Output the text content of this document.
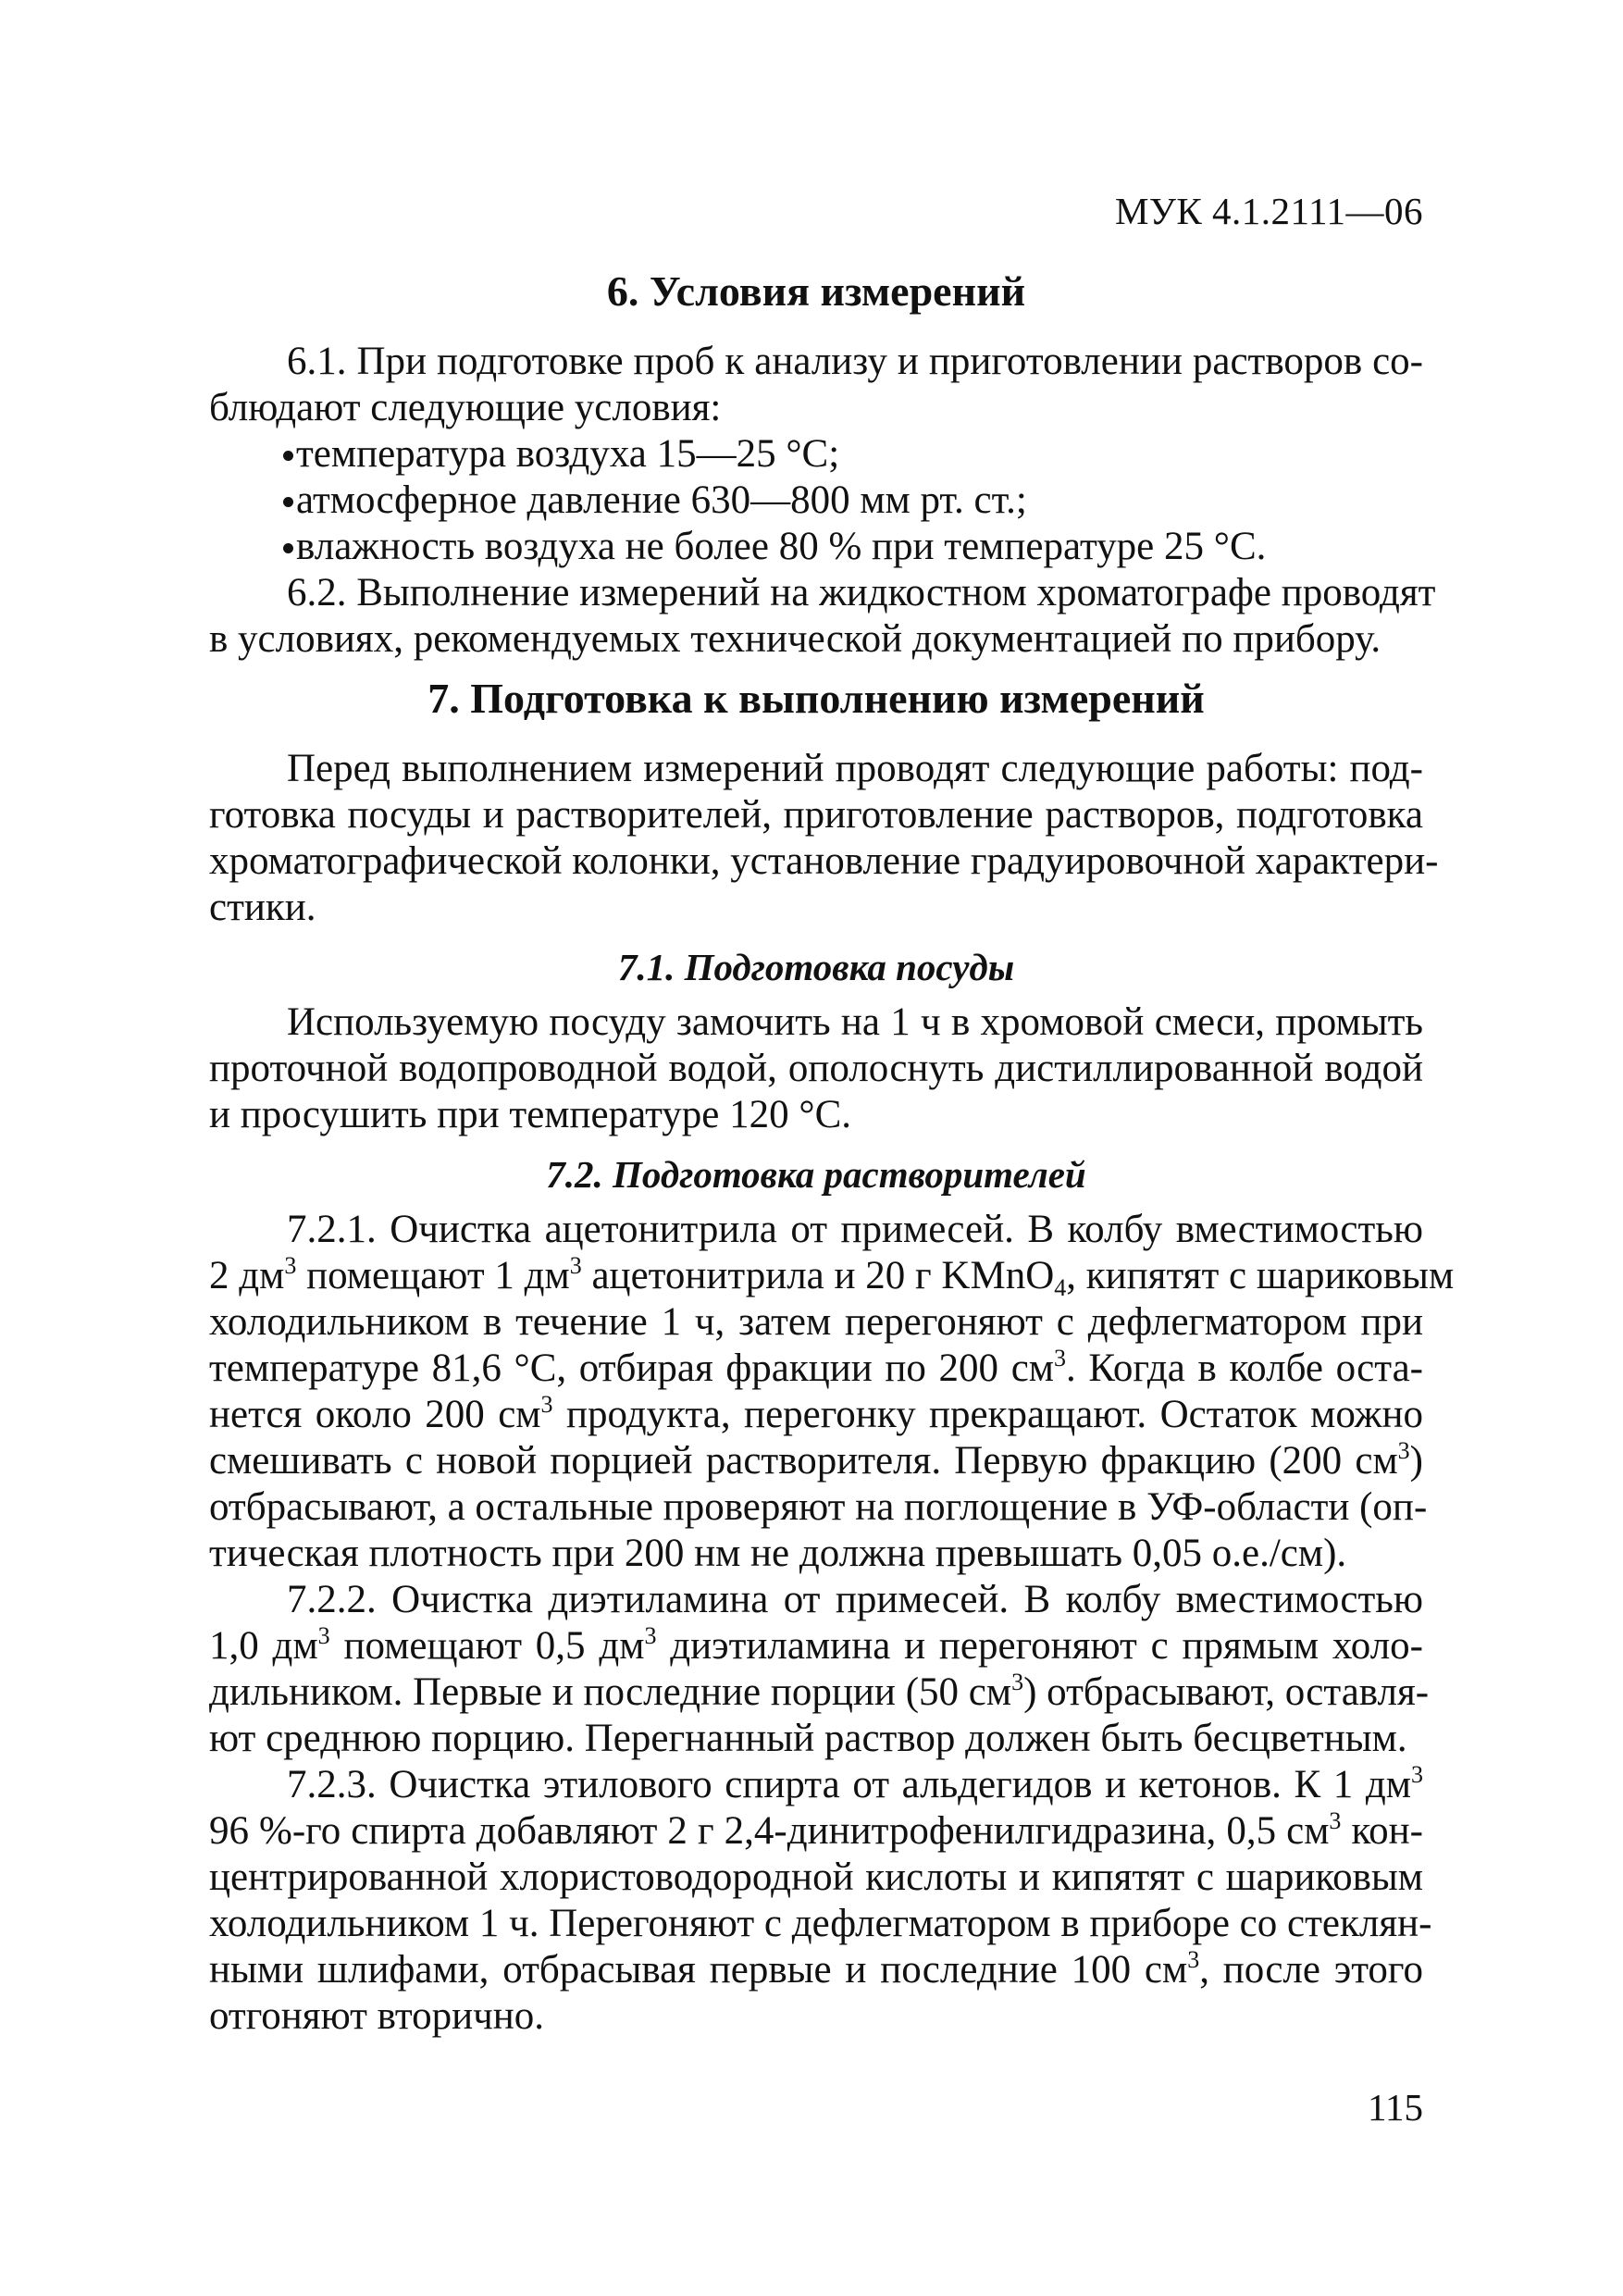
МУК 4.1.2111—06
6. Условия измерений
6.1. При подготовке проб к анализу и приготовлении растворов со-
блюдают следующие условия:
температура воздуха 15—25 °С;
атмосферное давление 630—800 мм рт. ст.;
влажность воздуха не более 80 % при температуре 25 °С.
6.2. Выполнение измерений на жидкостном хроматографе проводят
в условиях, рекомендуемых технической документацией по прибору.
7. Подготовка к выполнению измерений
Перед выполнением измерений проводят следующие работы: под-
готовка посуды и растворителей, приготовление растворов, подготовка
хроматографической колонки, установление градуировочной характери-
стики.
7.1. Подготовка посуды
Используемую посуду замочить на 1 ч в хромовой смеси, промыть
проточной водопроводной водой, ополоснуть дистиллированной водой
и просушить при температуре 120 °С.
7.2. Подготовка растворителей
7.2.1. Очистка ацетонитрила от примесей. В колбу вместимостью
2 $дм^3$ помещают 1 $дм^3$ ацетонитрила и 20 г KMnO$_4$, кипятят с шариковым
холодильником в течение 1 ч, затем перегоняют с дефлегматором при
температуре 81,6 °С, отбирая фракции по 200 $см^3$. Когда в колбе оста-
нется около 200 $см^3$ продукта, перегонку прекращают. Остаток можно
смешивать с новой порцией растворителя. Первую фракцию (200 $см^3$)
отбрасывают, а остальные проверяют на поглощение в УФ-области (оп-
тическая плотность при 200 нм не должна превышать 0,05 о.е./см).
7.2.2. Очистка диэтиламина от примесей. В колбу вместимостью
1,0 $дм^3$ помещают 0,5 $дм^3$ диэтиламина и перегоняют с прямым холо-
дильником. Первые и последние порции (50 $см^3$) отбрасывают, оставля-
ют среднюю порцию. Перегнанный раствор должен быть бесцветным.
7.2.3. Очистка этилового спирта от альдегидов и кетонов. К 1 $дм^3$
96 %-го спирта добавляют 2 г 2,4-динитрофенилгидразина, 0,5 $см^3$ кон-
центрированной хлористоводородной кислоты и кипятят с шариковым
холодильником 1 ч. Перегоняют с дефлегматором в приборе со стеклян-
ными шлифами, отбрасывая первые и последние 100 $см^3$, после этого
отгоняют вторично.
115
